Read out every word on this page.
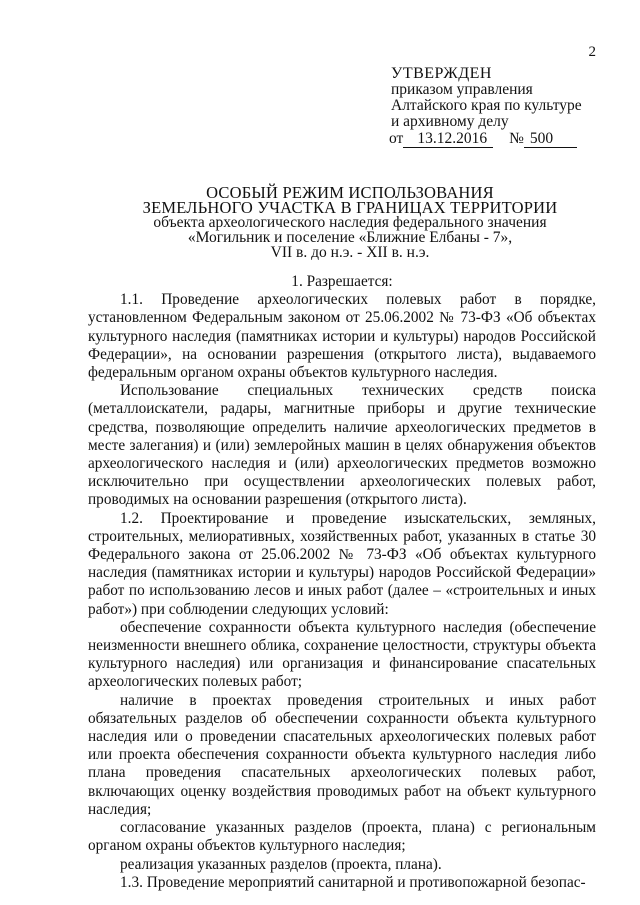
2
УТВЕРЖДЕН
приказом управления
Алтайского края по культуре
и архивному делу
от 13.12.2016 № 500
ОСОБЫЙ РЕЖИМ ИСПОЛЬЗОВАНИЯ
ЗЕМЕЛЬНОГО УЧАСТКА В ГРАНИЦАХ ТЕРРИТОРИИ
объекта археологического наследия федерального значения
«Могильник и поселение «Ближние Елбаны - 7»,
VII в. до н.э. - XII в. н.э.

1. Разрешается:

1.1. Проведение археологических полевых работ в порядке, установленном Федеральным законом от 25.06.2002 № 73-ФЗ «Об объектах культурного наследия (памятниках истории и культуры) народов Российской Федерации», на основании разрешения (открытого листа), выдаваемого федеральным органом охраны объектов культурного наследия.

Использование специальных технических средств поиска (металлоискатели, радары, магнитные приборы и другие технические средства, позволяющие определить наличие археологических предметов в месте залегания) и (или) землеройных машин в целях обнаружения объектов археологического наследия и (или) археологических предметов возможно исключительно при осуществлении археологических полевых работ, проводимых на основании разрешения (открытого листа).

1.2. Проектирование и проведение изыскательских, земляных, строительных, мелиоративных, хозяйственных работ, указанных в статье 30 Федерального закона от 25.06.2002 № 73-ФЗ «Об объектах культурного наследия (памятниках истории и культуры) народов Российской Федерации» работ по использованию лесов и иных работ (далее – «строительных и иных работ») при соблюдении следующих условий:

обеспечение сохранности объекта культурного наследия (обеспечение неизменности внешнего облика, сохранение целостности, структуры объекта культурного наследия) или организация и финансирование спасательных археологических полевых работ;

наличие в проектах проведения строительных и иных работ обязательных разделов об обеспечении сохранности объекта культурного наследия или о проведении спасательных археологических полевых работ или проекта обеспечения сохранности объекта культурного наследия либо плана проведения спасательных археологических полевых работ, включающих оценку воздействия проводимых работ на объект культурного наследия;

согласование указанных разделов (проекта, плана) с региональным органом охраны объектов культурного наследия;

реализация указанных разделов (проекта, плана).

1.3. Проведение мероприятий санитарной и противопожарной безопас-
